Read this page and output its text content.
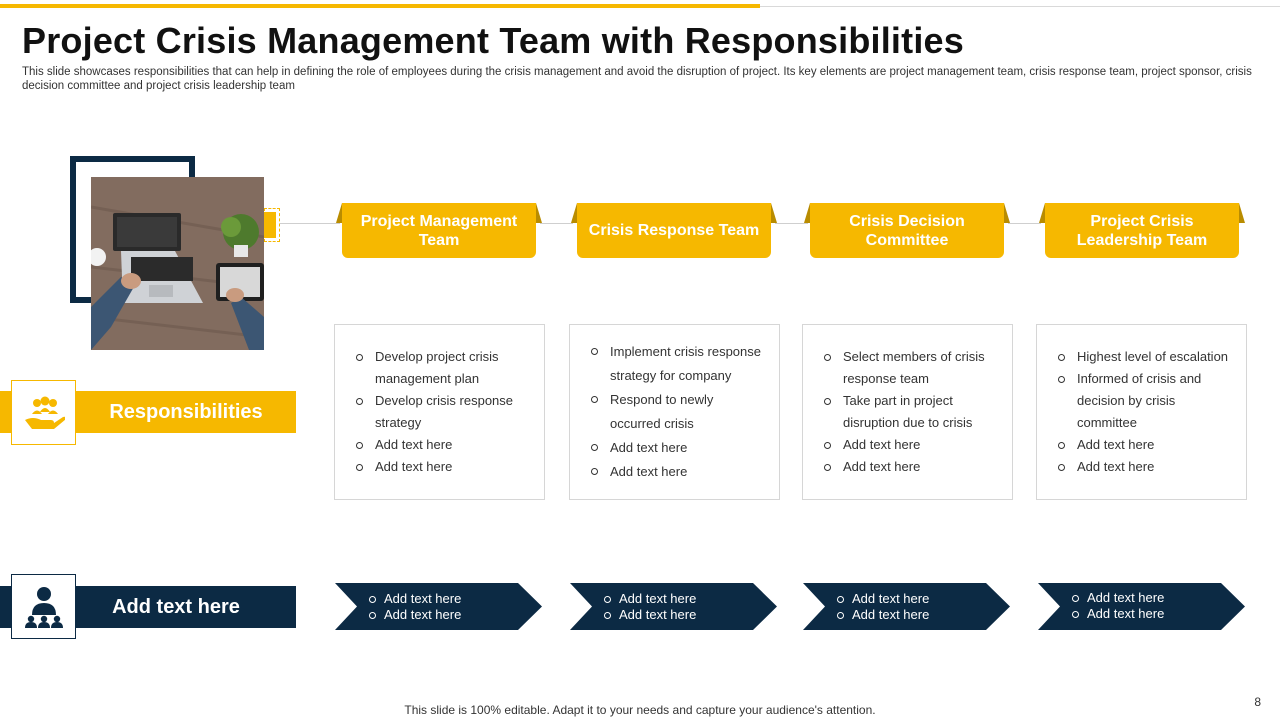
Project Crisis Management Team with Responsibilities
This slide showcases responsibilities that can help in defining the role of employees during the crisis management and avoid the disruption of project. Its key elements are project management team, crisis response team, project sponsor, crisis decision committee and project crisis leadership team
Project Management Team
Crisis Response Team
Crisis Decision Committee
Project Crisis Leadership Team
Responsibilities
Develop project crisis management plan
Develop crisis response strategy
Add text here
Add text here
Implement crisis response strategy for company
Respond to newly occurred crisis
Add text here
Add text here
Select members of crisis response team
Take part in project disruption due to crisis
Add text here
Add text here
Highest level of escalation
Informed of crisis and decision by crisis committee
Add text here
Add text here
Add text here	Add text here
Add text here
Add text here
Add text here
Add text here
Add text here
Add text here
Add text here
This slide is 100% editable. Adapt it to your needs and capture your audience's attention.
8
